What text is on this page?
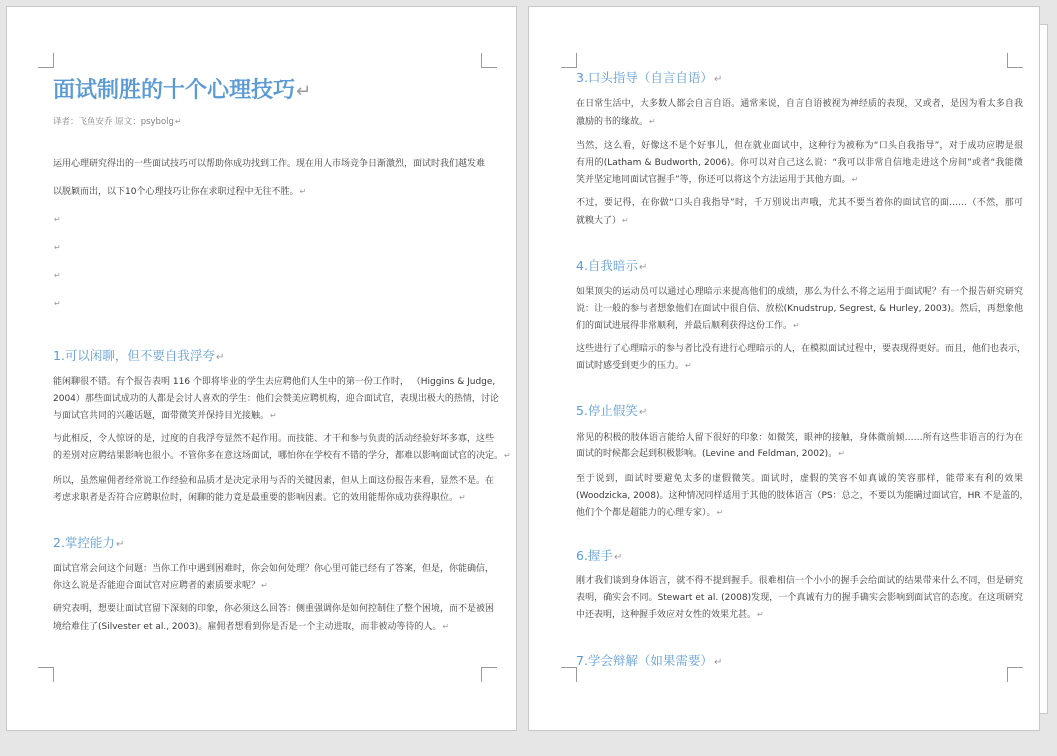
面试制胜的十个心理技巧↵
译者：飞鱼安乔 原文：psybolg↵
运用心理研究得出的一些面试技巧可以帮助你成功找到工作。现在用人市场竞争日渐激烈，面试时我们越发难
以脱颖而出，以下10个心理技巧让你在求职过程中无往不胜。↵
↵
↵
↵
↵
1.可以闲聊，但不要自我浮夸↵
能闲聊很不错。有个报告表明 116 个即将毕业的学生去应聘他们人生中的第一份工作时， （Higgins & Judge,
2004）那些面试成功的人都是会讨人喜欢的学生：他们会赞美应聘机构，迎合面试官，表现出极大的热情，讨论
与面试官共同的兴趣话题，面带微笑并保持目光接触。↵
与此相反，令人惊讶的是，过度的自我浮夸显然不起作用。而技能、才干和参与负责的活动经验好坏多寡，这些
的差别对应聘结果影响也很小。不管你多在意这场面试，哪怕你在学校有不错的学分，都难以影响面试官的决定。↵
所以，虽然雇佣者经常说工作经验和品质才是决定录用与否的关键因素，但从上面这份报告来看，显然不是。在
考虑求职者是否符合应聘职位时，闲聊的能力竟是最重要的影响因素。它的效用能帮你成功获得职位。↵
2.掌控能力↵
面试官常会问这个问题：当你工作中遇到困难时，你会如何处理？你心里可能已经有了答案，但是，你能确信，
你这么说是否能迎合面试官对应聘者的素质要求呢？↵
研究表明，想要让面试官留下深刻的印象，你必须这么回答：侧重强调你是如何控制住了整个困境，而不是被困
境给难住了(Silvester et al., 2003)。雇佣者想看到你是否是一个主动进取，而非被动等待的人。↵
3.口头指导（自言自语）↵
在日常生活中，大多数人都会自言自语。通常来说，自言自语被视为神经质的表现，又或者，是因为看太多自我
激励的书的缘故。↵
当然，这么看，好像这不是个好事儿，但在就业面试中，这种行为被称为“口头自我指导”，对于成功应聘是很
有用的(Latham & Budworth, 2006)。你可以对自己这么说：“我可以非常自信地走进这个房间”或者“我能微
笑并坚定地同面试官握手”等，你还可以将这个方法运用于其他方面。↵
不过，要记得，在你做“口头自我指导”时，千万别说出声哦，尤其不要当着你的面试官的面……（不然，那可
就糗大了）↵
4.自我暗示↵
如果顶尖的运动员可以通过心理暗示来提高他们的成绩，那么为什么不将之运用于面试呢？有一个报告研究研究
说：让一般的参与者想象他们在面试中很自信、放松(Knudstrup, Segrest, & Hurley, 2003)。然后，再想象他
们的面试进展得非常顺利，并最后顺利获得这份工作。↵
这些进行了心理暗示的参与者比没有进行心理暗示的人，在模拟面试过程中，要表现得更好。而且，他们也表示，
面试时感受到更少的压力。↵
5.停止假笑↵
常见的积极的肢体语言能给人留下很好的印象：如微笑，眼神的接触，身体微前倾……所有这些非语言的行为在
面试的时候都会起到积极影响。(Levine and Feldman, 2002)。↵
至于说到，面试时要避免太多的虚假微笑。面试时，虚假的笑容不如真诚的笑容那样，能带来有利的效果
(Woodzicka, 2008)。这种情况同样适用于其他的肢体语言（PS：总之，不要以为能瞒过面试官，HR 不是盖的，
他们个个都是超能力的心理专家）。↵
6.握手↵
刚才我们谈到身体语言，就不得不提到握手。很难相信一个小小的握手会给面试的结果带来什么不同，但是研究
表明，确实会不同。Stewart et al. (2008)发现，一个真诚有力的握手确实会影响到面试官的态度。在这项研究
中还表明，这种握手效应对女性的效果尤甚。↵
7.学会辩解（如果需要）↵
